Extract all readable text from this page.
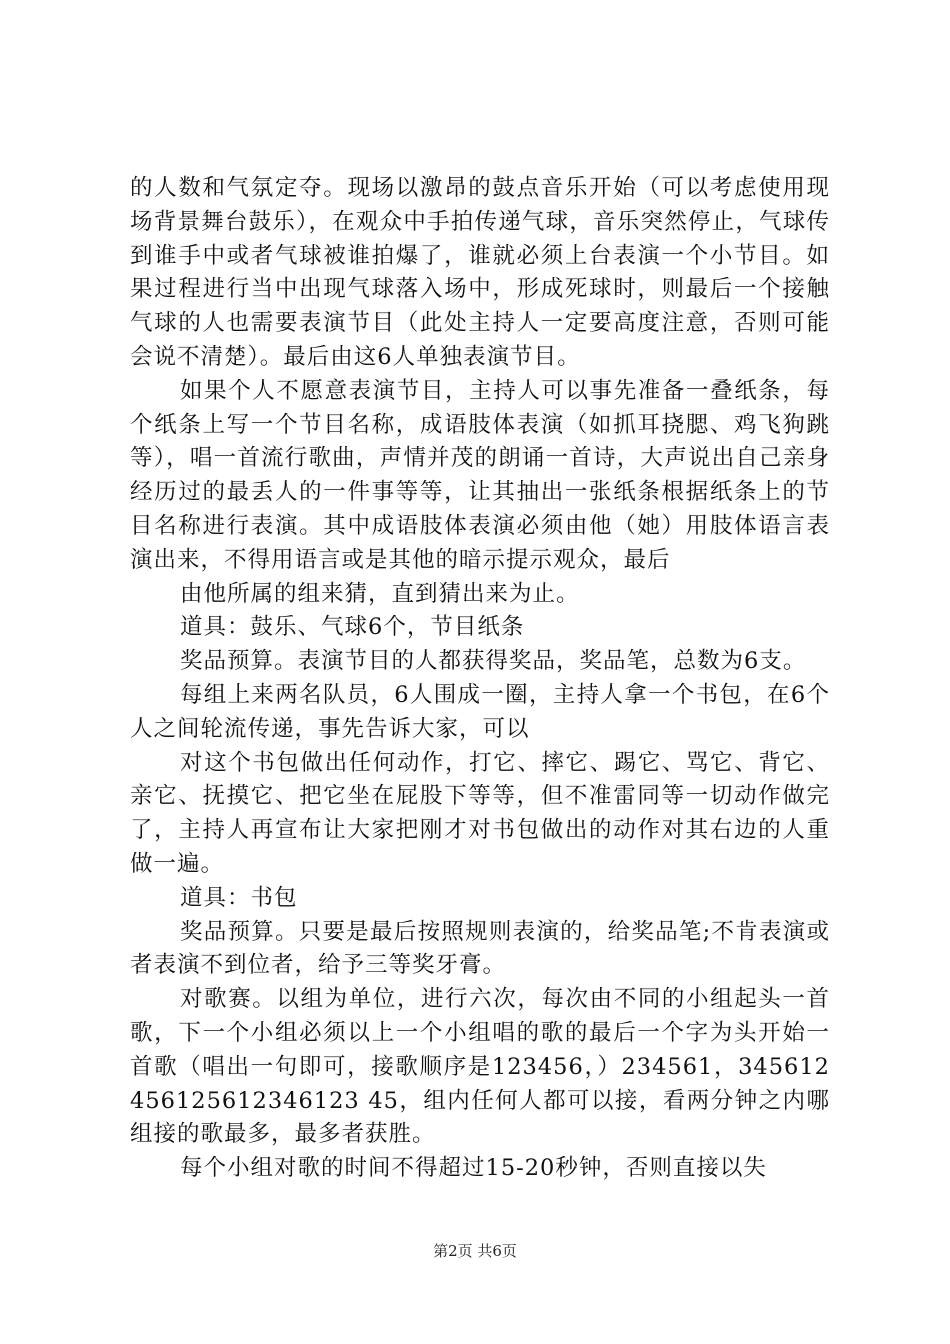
的人数和气氛定夺。现场以激昂的鼓点音乐开始（可以考虑使用现场背景舞台鼓乐），在观众中手拍传递气球，音乐突然停止，气球传到谁手中或者气球被谁拍爆了，谁就必须上台表演一个小节目。如果过程进行当中出现气球落入场中，形成死球时，则最后一个接触气球的人也需要表演节目（此处主持人一定要高度注意，否则可能会说不清楚）。最后由这6人单独表演节目。

如果个人不愿意表演节目，主持人可以事先准备一叠纸条，每个纸条上写一个节目名称，成语肢体表演（如抓耳挠腮、鸡飞狗跳等），唱一首流行歌曲，声情并茂的朗诵一首诗，大声说出自己亲身经历过的最丢人的一件事等等，让其抽出一张纸条根据纸条上的节目名称进行表演。其中成语肢体表演必须由他（她）用肢体语言表演出来，不得用语言或是其他的暗示提示观众，最后

由他所属的组来猜，直到猜出来为止。

道具：鼓乐、气球6个，节目纸条

奖品预算。表演节目的人都获得奖品，奖品笔，总数为6支。

每组上来两名队员，6人围成一圈，主持人拿一个书包，在6个人之间轮流传递，事先告诉大家，可以

对这个书包做出任何动作，打它、摔它、踢它、骂它、背它、亲它、抚摸它、把它坐在屁股下等等，但不准雷同等一切动作做完了，主持人再宣布让大家把刚才对书包做出的动作对其右边的人重做一遍。

道具：书包

奖品预算。只要是最后按照规则表演的，给奖品笔;不肯表演或者表演不到位者，给予三等奖牙膏。

对歌赛。以组为单位，进行六次，每次由不同的小组起头一首歌，下一个小组必须以上一个小组唱的歌的最后一个字为头开始一首歌（唱出一句即可，接歌顺序是123456，）234561，345612456125612346123 45，组内任何人都可以接，看两分钟之内哪组接的歌最多，最多者获胜。

每个小组对歌的时间不得超过15-20秒钟，否则直接以失

第2页 共6页
